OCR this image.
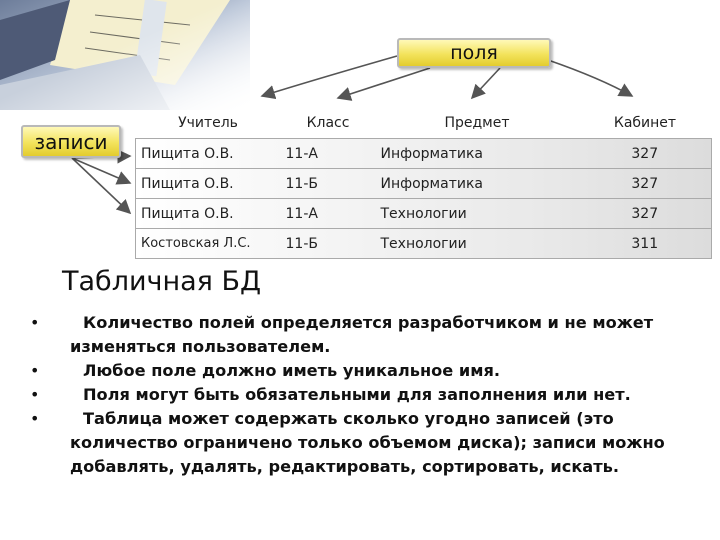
поля
записи
Учитель	Класс	Предмет	Кабинет
Пищита О.В.	11-А	Информатика	327
Пищита О.В.	11-Б	Информатика	327
Пищита О.В.	11-А	Технологии	327
Костовская Л.С.	11-Б	Технологии	311
Табличная БД
•	Количество полей определяется разработчиком и не может изменяться пользователем.
•	Любое поле должно иметь уникальное имя.
•	Поля могут быть обязательными для заполнения или нет.
•	Таблица может содержать сколько угодно записей (это количество ограничено только объемом диска); записи можно добавлять, удалять, редактировать, сортировать, искать.
